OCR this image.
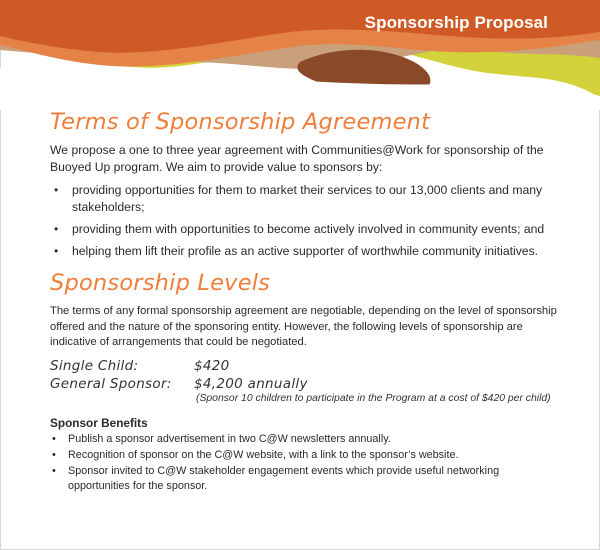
Sponsorship Proposal
Terms of Sponsorship Agreement

We propose a one to three year agreement with Communities@Work for sponsorship of the Buoyed Up program. We aim to provide value to sponsors by:

• providing opportunities for them to market their services to our 13,000 clients and many stakeholders;
• providing them with opportunities to become actively involved in community events; and
• helping them lift their profile as an active supporter of worthwhile community initiatives.
Sponsorship Levels

The terms of any formal sponsorship agreement are negotiable, depending on the level of sponsorship offered and the nature of the sponsoring entity. However, the following levels of sponsorship are indicative of arrangements that could be negotiated.

Single Child:	$420
General Sponsor:	$4,200 annually
(Sponsor 10 children to participate in the Program at a cost of $420 per child)
Sponsor Benefits
• Publish a sponsor advertisement in two C@W newsletters annually.
• Recognition of sponsor on the C@W website, with a link to the sponsor’s website.
• Sponsor invited to C@W stakeholder engagement events which provide useful networking opportunities for the sponsor.
